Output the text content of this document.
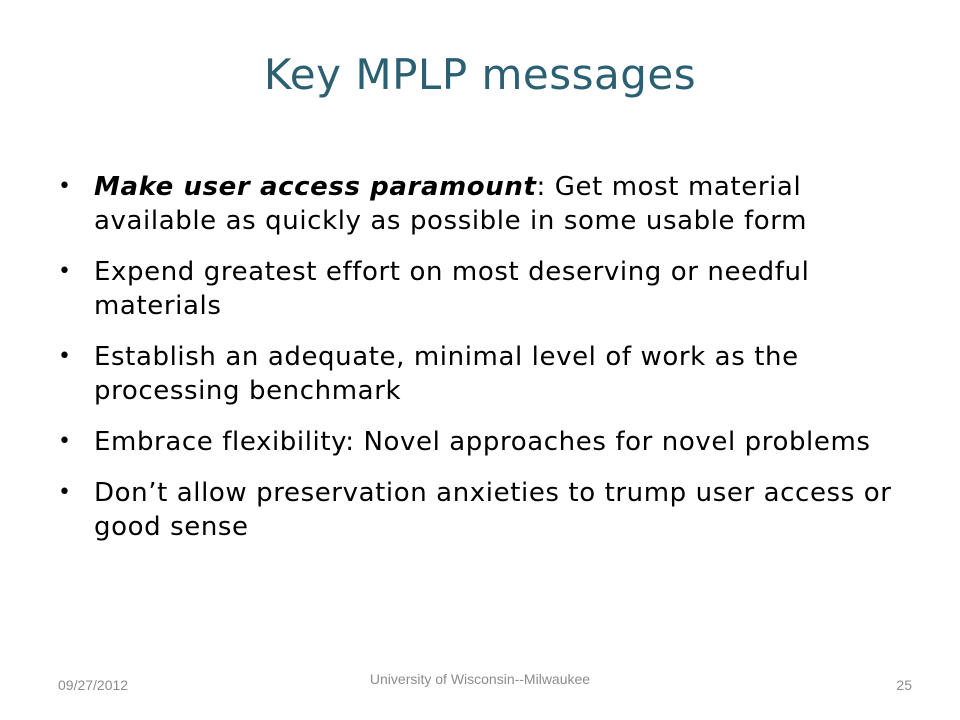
Key MPLP messages
• Make user access paramount: Get most material available as quickly as possible in some usable form
• Expend greatest effort on most deserving or needful materials
• Establish an adequate, minimal level of work as the processing benchmark
• Embrace flexibility: Novel approaches for novel problems
• Don’t allow preservation anxieties to trump user access or good sense
09/27/2012	University of Wisconsin--Milwaukee	25
